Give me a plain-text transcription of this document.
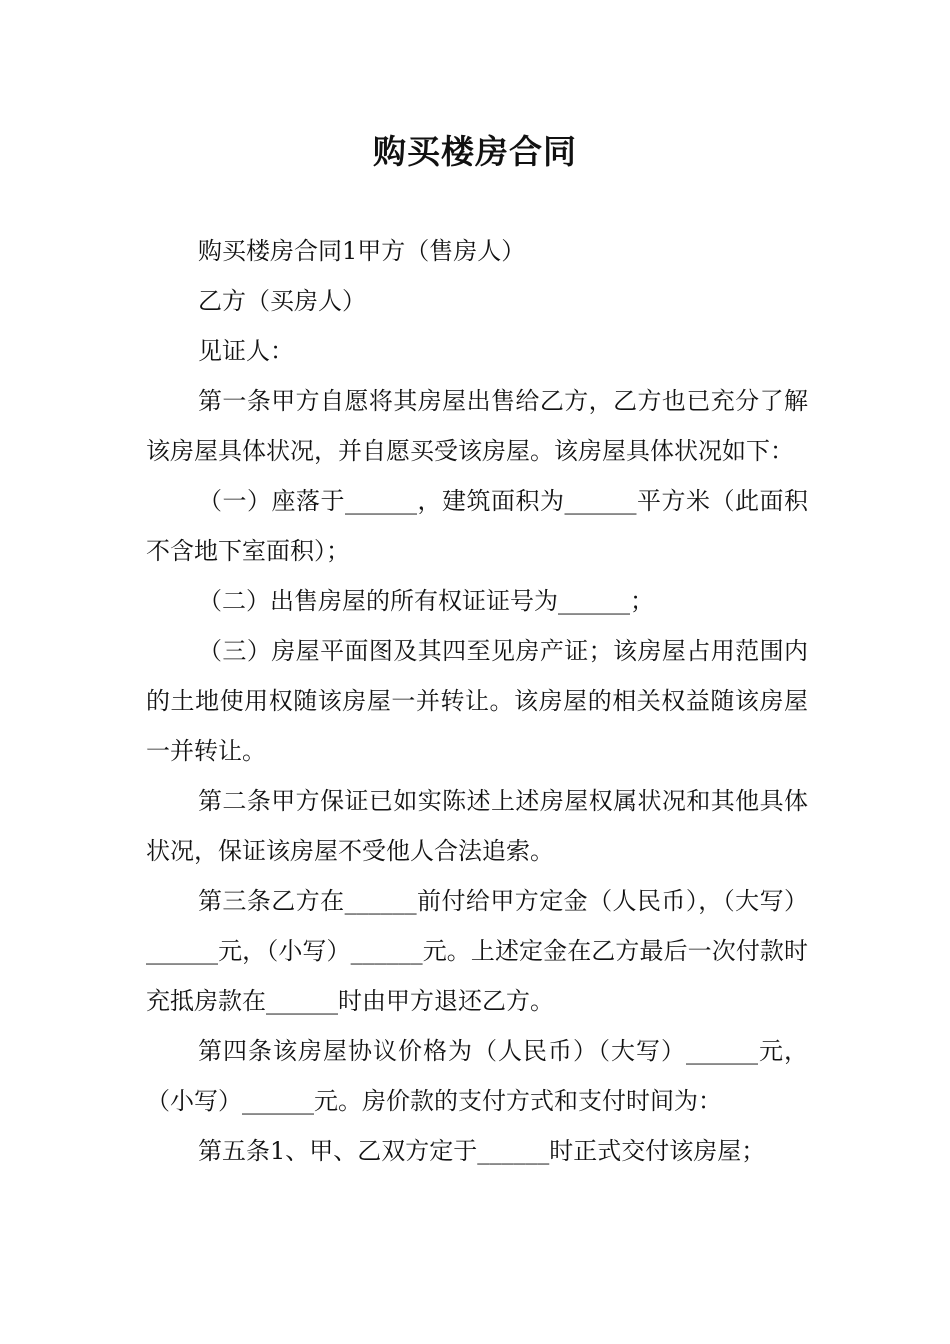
购买楼房合同

购买楼房合同1甲方（售房人）

乙方（买房人）

见证人：

第一条甲方自愿将其房屋出售给乙方，乙方也已充分了解该房屋具体状况，并自愿买受该房屋。该房屋具体状况如下：

（一）座落于______，建筑面积为______平方米（此面积不含地下室面积）；

（二）出售房屋的所有权证证号为______；

（三）房屋平面图及其四至见房产证；该房屋占用范围内的土地使用权随该房屋一并转让。该房屋的相关权益随该房屋一并转让。

第二条甲方保证已如实陈述上述房屋权属状况和其他具体状况，保证该房屋不受他人合法追索。

第三条乙方在______前付给甲方定金（人民币），（大写）______元，（小写）______元。上述定金在乙方最后一次付款时充抵房款在______时由甲方退还乙方。

第四条该房屋协议价格为（人民币）（大写）______元，（小写）______元。房价款的支付方式和支付时间为：

第五条1、甲、乙双方定于______时正式交付该房屋；
